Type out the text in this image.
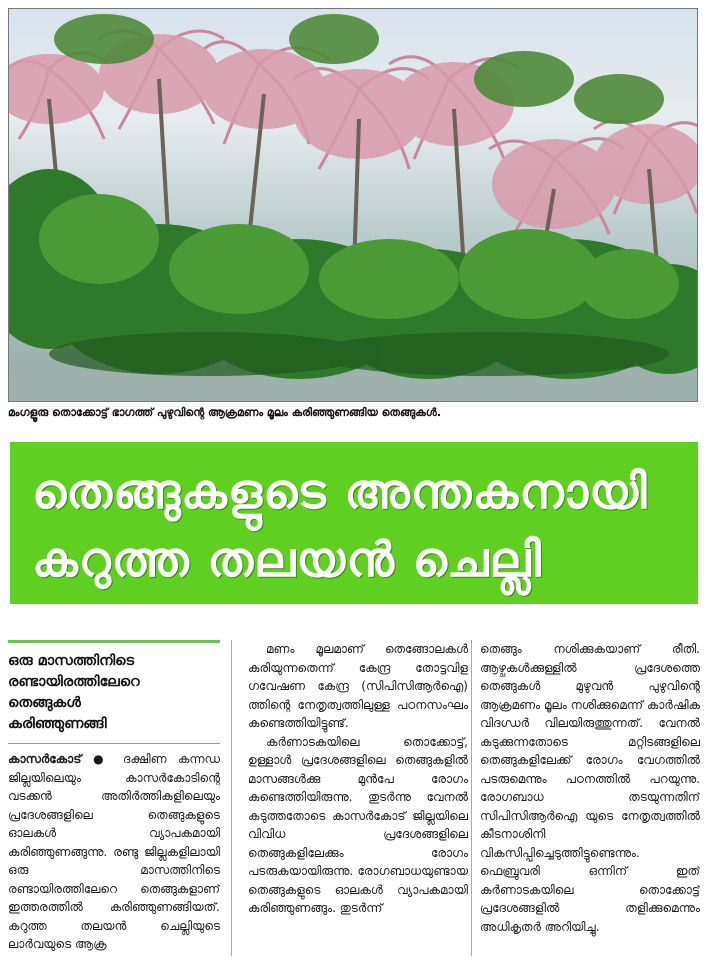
മംഗളൂരു തൊക്കോട്ട് ഭാഗത്ത് പുഴുവിന്റെ ആക്രമണം മൂലം കരിഞ്ഞുണങ്ങിയ തെങ്ങുകൾ.
തെങ്ങുകളുടെ അന്തകനായി
കറുത്ത തലയൻ ചെല്ലി
ഒരു മാസത്തിനിടെ
രണ്ടായിരത്തിലേറെ
തെങ്ങുകൾ
കരിഞ്ഞുണങ്ങി

കാസർകോട് ● ദക്ഷിണ കന്നഡ ജില്ലയിലെയും കാസർകോടിന്റെ വടക്കൻ അതിർത്തികളിലെയും പ്രദേശങ്ങളിലെ തെങ്ങുകളുടെ ഓലകൾ വ്യാപകമായി കരിഞ്ഞുണങ്ങുന്നു. രണ്ടു ജില്ലകളിലായി ഒരു മാസത്തിനിടെ രണ്ടായിരത്തിലേറെ തെങ്ങുകളാണ് ഇത്തരത്തിൽ കരിഞ്ഞുണങ്ങിയത്. കറുത്ത തലയൻ ചെല്ലിയുടെ ലാർവയുടെ ആക്ര

മണം മൂലമാണ് തെങ്ങോലകൾ കരിയുന്നതെന്ന് കേന്ദ്ര തോട്ടവിള ഗവേഷണ കേന്ദ്ര (സിപിസിആർഐ) ത്തിന്റെ നേതൃത്വത്തിലുള്ള പഠനസംഘം കണ്ടെത്തിയിട്ടുണ്ട്.

കർണാടകയിലെ തൊക്കോട്ട്, ഉള്ളാൾ പ്രദേശങ്ങളിലെ തെങ്ങുകളിൽ മാസങ്ങൾക്കു മുൻപേ രോഗം കണ്ടെത്തിയിരുന്നു. തുടർന്നു വേനൽ കടുത്തതോടെ കാസർകോട് ജില്ലയിലെ വിവിധ പ്രദേശങ്ങളിലെ തെങ്ങുകളിലേക്കും രോഗം പടരുകയായിരുന്നു. രോഗബാധയുണ്ടായ തെങ്ങുകളുടെ ഓലകൾ വ്യാപകമായി കരിഞ്ഞുണങ്ങും. തുടർന്ന്

തെങ്ങും നശിക്കുകയാണ് രീതി. ആഴ്ചകൾക്കുള്ളിൽ പ്രദേശത്തെ തെങ്ങുകൾ മുഴുവൻ പുഴുവിന്റെ ആക്രമണം മൂലം നശിക്കുമെന്ന് കാർഷിക വിദഗ്ധർ വിലയിരുത്തുന്നത്. വേനൽ കടുക്കുന്നതോടെ മറ്റിടങ്ങളിലെ തെങ്ങുകളിലേക്ക് രോഗം വേഗത്തിൽ പടരുമെന്നും പഠനത്തിൽ പറയുന്നു. രോഗബാധ തടയുന്നതിന് സിപിസിആർഐ യുടെ നേതൃത്വത്തിൽ കീടനാശിനി വികസിപ്പിച്ചെടുത്തിട്ടുണ്ടെന്നും. ഫെബ്രുവരി ഒന്നിന് ഇത് കർണാടകയിലെ തൊക്കോട്ട് പ്രദേശങ്ങളിൽ തളിക്കുമെന്നും അധികൃതർ അറിയിച്ചു.
